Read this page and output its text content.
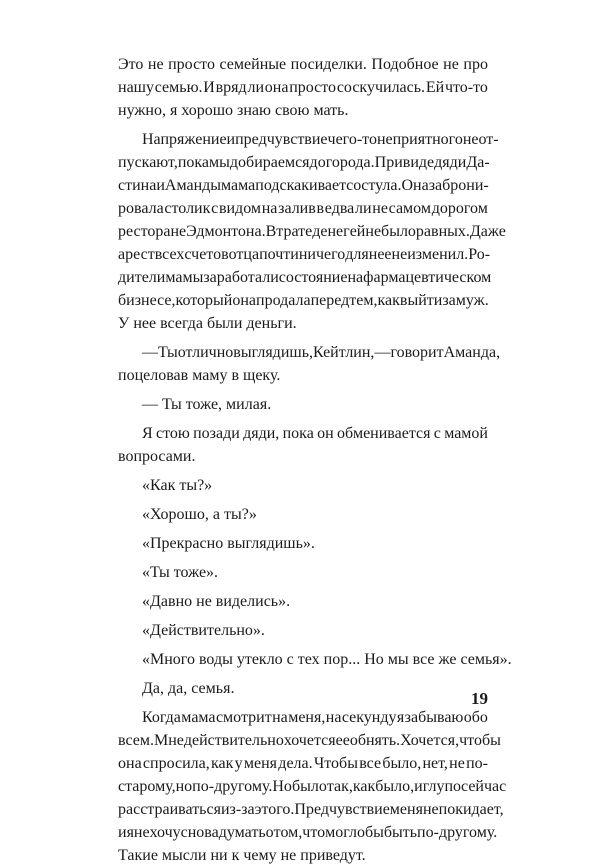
Это не просто семейные посиделки. Подобное не про
нашу семью. И вряд ли она просто соскучилась. Ей что-то
нужно, я хорошо знаю свою мать.
Напряжение и предчувствие чего-то неприятного не от-
пускают, пока мы добираемся до города. При виде дяди Да-
стина и Аманды мама подскакивает со стула. Она заброни-
ровала столик с видом на залив в едва ли не самом дорогом
ресторане Эдмонтона. В трате денег ей не было равных. Даже
арест всех счетов отца почти ничего для нее не изменил. Ро-
дители мамы заработали состояние на фармацевтическом
бизнесе, который она продала перед тем, как выйти замуж.
У нее всегда были деньги.
— Ты отлично выглядишь, Кейтлин, — говорит Аманда,
поцеловав маму в щеку.
— Ты тоже, милая.
Я стою позади дяди, пока он обменивается с мамой
вопросами.
«Как ты?»
«Хорошо, а ты?»
«Прекрасно выглядишь».
«Ты тоже».
«Давно не виделись».
«Действительно».
«Много воды утекло с тех пор... Но мы все же семья».
Да, да, семья.
Когда мама смотрит на меня, на секунду я забываю обо
всем. Мне действительно хочется ее обнять. Хочется, чтобы
она спросила, как у меня дела. Чтобы все было, нет, не по-
старому, но по-другому. Но было так, как было, и глупо сейчас
расстраиваться из-за этого. Предчувствие меня не покидает,
и я не хочу снова думать о том, что могло бы быть по-другому.
Такие мысли ни к чему не приведут.
19
